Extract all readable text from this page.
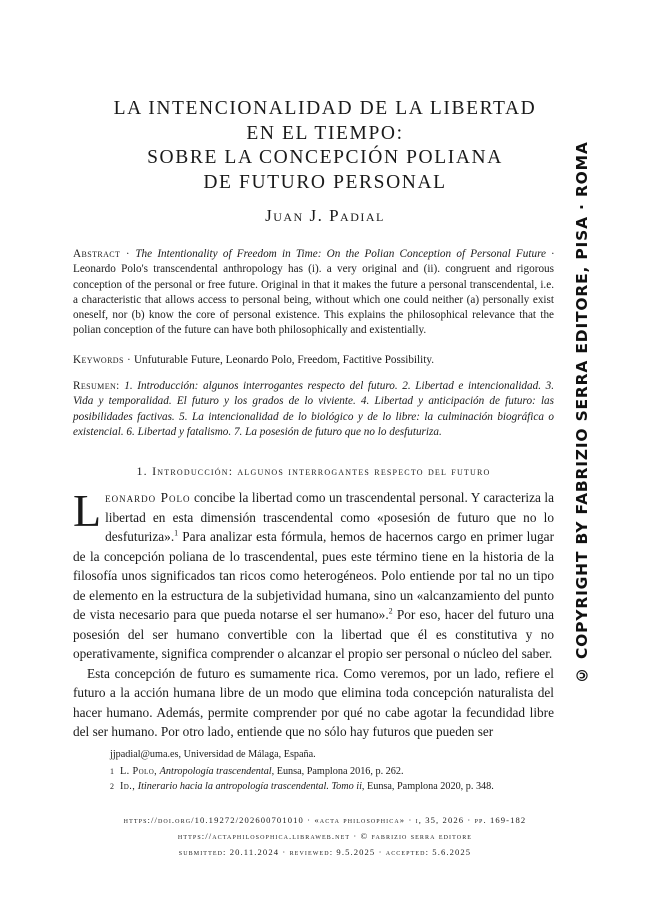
LA INTENCIONALIDAD DE LA LIBERTAD
EN EL TIEMPO:
SOBRE LA CONCEPCIÓN POLIANA
DE FUTURO PERSONAL
Juan J. Padial	© COPYRIGHT BY FABRIZIO SERRA EDITORE, PISA · ROMA

Abstract · The Intentionality of Freedom in Time: On the Polian Conception of Personal Future · Leonardo Polo's transcendental anthropology has (i). a very original and (ii). congruent and rigorous conception of the personal or free future. Original in that it makes the future a personal transcendental, i.e. a characteristic that allows access to personal being, without which one could neither (a) personally exist oneself, nor (b) know the core of personal existence. This explains the philosophical relevance that the polian conception of the future can have both philosophically and existentially.

Keywords · Unfuturable Future, Leonardo Polo, Freedom, Factitive Possibility.
Resumen: 1. Introducción: algunos interrogantes respecto del futuro. 2. Libertad e intencionalidad. 3. Vida y temporalidad. El futuro y los grados de lo viviente. 4. Libertad y anticipación de futuro: las posibilidades factivas. 5. La intencionalidad de lo biológico y de lo libre: la culminación biográfica o existencial. 6. Libertad y fatalismo. 7. La posesión de futuro que no lo desfuturiza.
1. Introducción: algunos interrogantes respecto del futuro

Leonardo Polo concibe la libertad como un trascendental personal. Y caracteriza la libertad en esta dimensión trascendental como «posesión de futuro que no lo desfuturiza».$^1$ Para analizar esta fórmula, hemos de hacernos cargo en primer lugar de la concepción poliana de lo trascendental, pues este término tiene en la historia de la filosofía unos significados tan ricos como heterogéneos. Polo entiende por tal no un tipo de elemento en la estructura de la subjetividad humana, sino un «alcanzamiento del punto de vista necesario para que pueda notarse el ser humano».$^2$ Por eso, hacer del futuro una posesión del ser humano convertible con la libertad que él es constitutiva y no operativamente, significa comprender o alcanzar el propio ser personal o núcleo del saber.

Esta concepción de futuro es sumamente rica. Como veremos, por un lado, refiere el futuro a la acción humana libre de un modo que elimina toda concepción naturalista del hacer humano. Además, permite comprender por qué no cabe agotar la fecundidad libre del ser humano. Por otro lado, entiende que no sólo hay futuros que pueden ser

jjpadial@uma.es, Universidad de Málaga, España.
$^1$ L. Polo, Antropología trascendental, Eunsa, Pamplona 2016, p. 262.
$^2$ Id., Itinerario hacia la antropología trascendental. Tomo ii, Eunsa, Pamplona 2020, p. 348.
https://doi.org/10.19272/202600701010 · «acta philosophica» · i, 35, 2026 · pp. 169-182
https://actaphilosophica.libraweb.net · © fabrizio serra editore
submitted: 20.11.2024 · reviewed: 9.5.2025 · accepted: 5.6.2025
